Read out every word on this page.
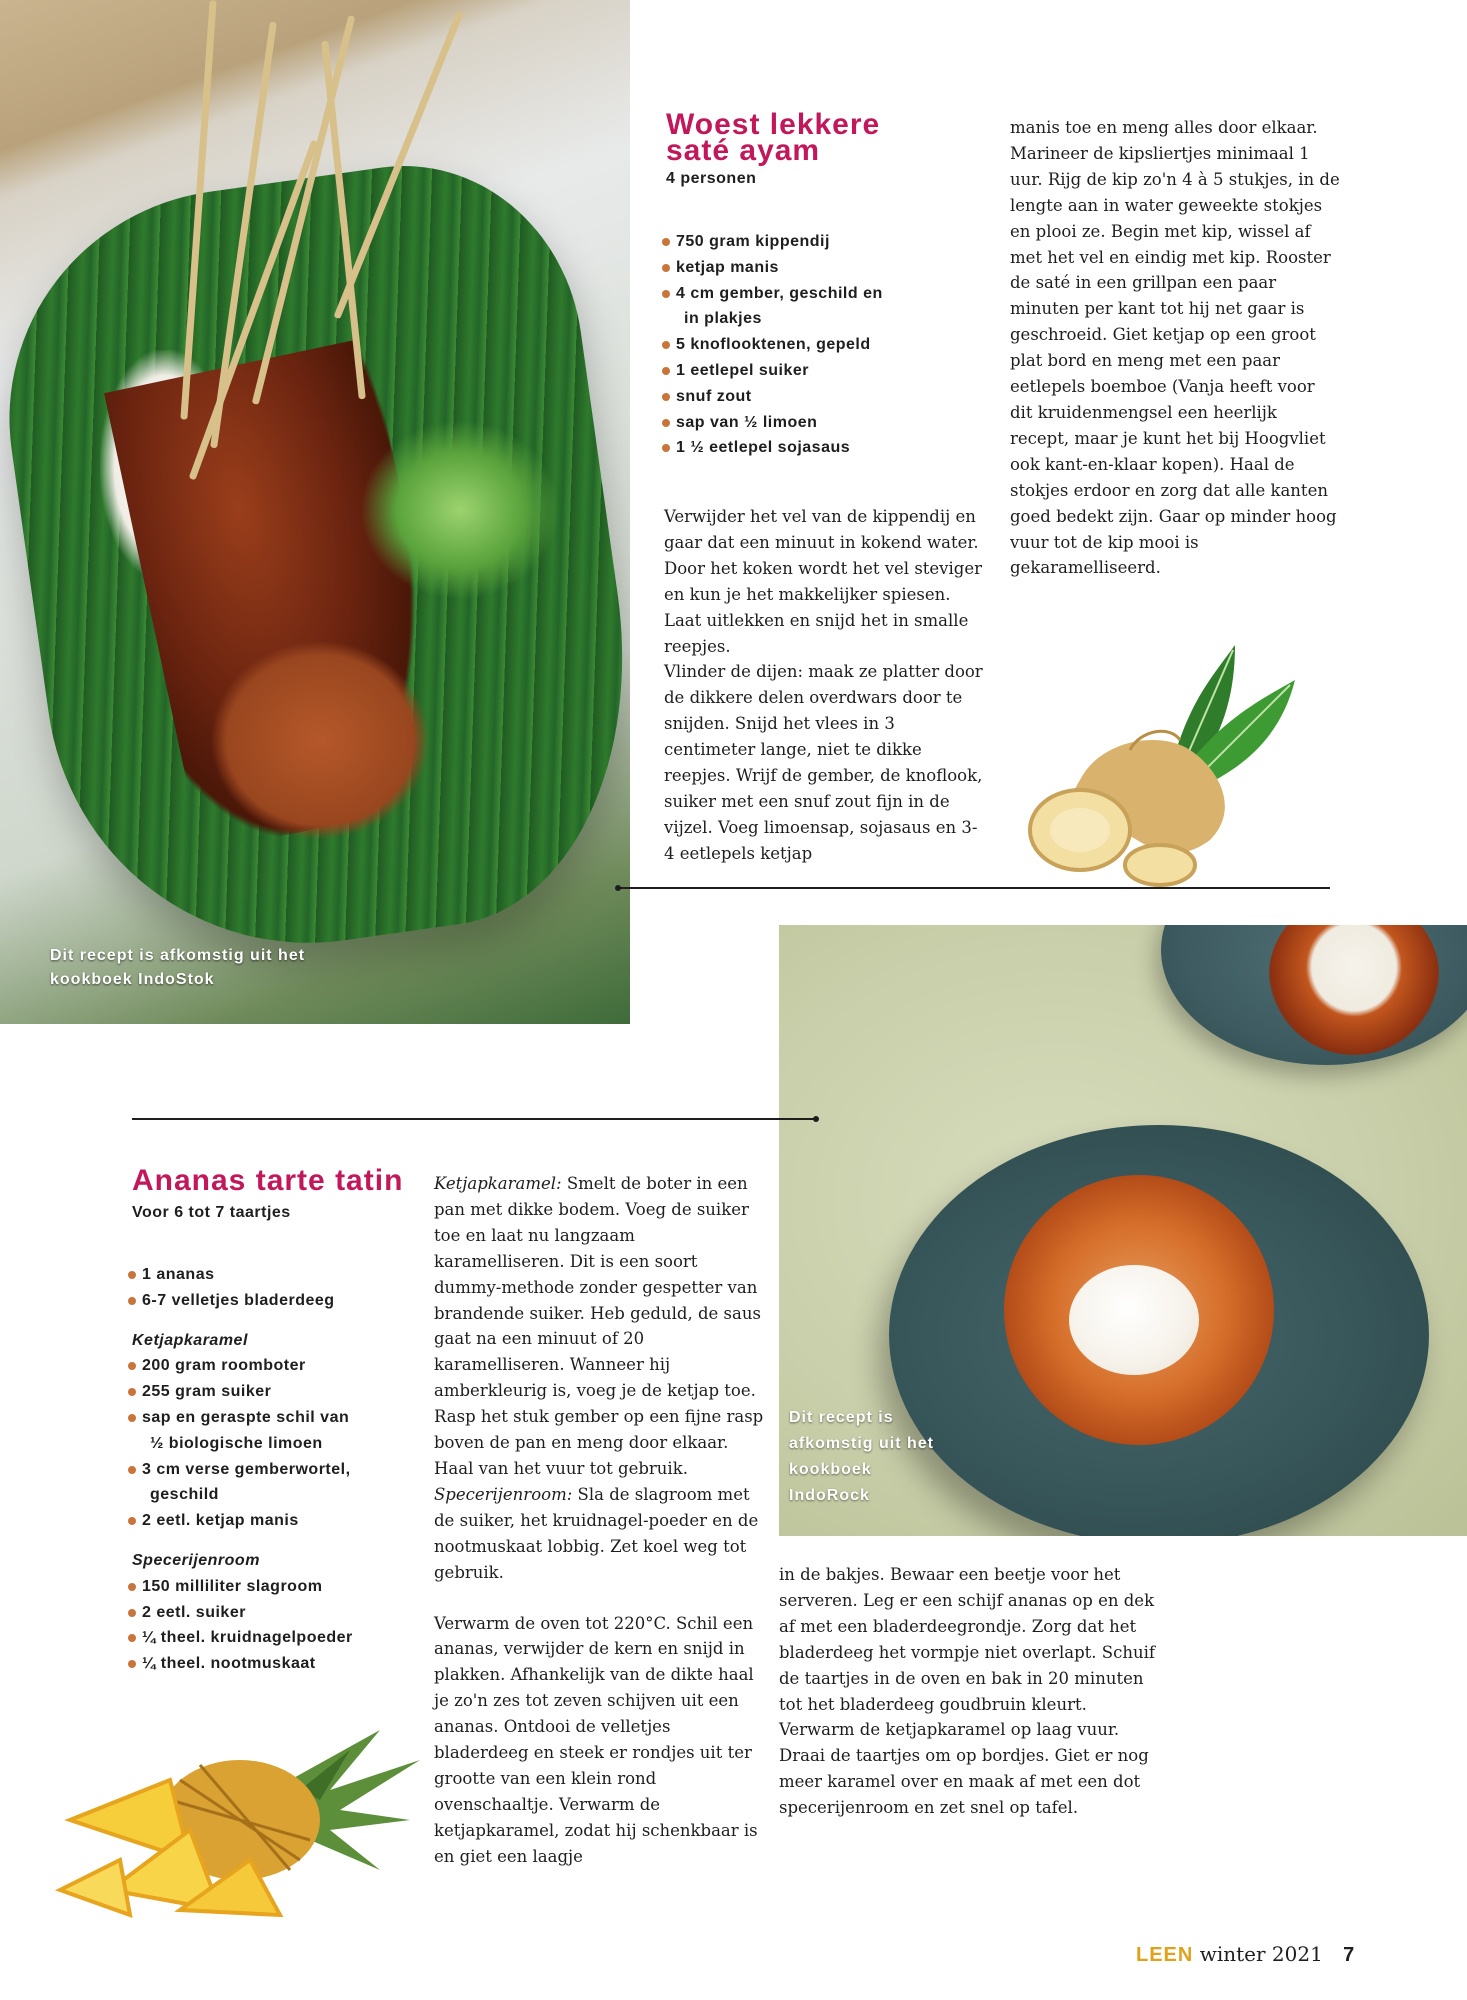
Dit recept is afkomstig uit het kookboek IndoStok
Woest lekkere
saté ayam
4 personen
750 gram kippendij
ketjap manis
4 cm gember, geschild en
in plakjes
5 knoflooktenen, gepeld
1 eetlepel suiker
snuf zout
sap van ½ limoen
1 ½ eetlepel sojasaus

Verwijder het vel van de kippendij en gaar dat een minuut in kokend water. Door het koken wordt het vel steviger en kun je het makkelijker spiesen. Laat uitlekken en snijd het in smalle reepjes.

Vlinder de dijen: maak ze platter door de dikkere delen overdwars door te snijden. Snijd het vlees in 3 centimeter lange, niet te dikke reepjes. Wrijf de gember, de knoflook, suiker met een snuf zout fijn in de vijzel. Voeg limoensap, sojasaus en 3-4 eetlepels ketjap

manis toe en meng alles door elkaar. Marineer de kipsliertjes minimaal 1 uur. Rijg de kip zo'n 4 à 5 stukjes, in de lengte aan in water geweekte stokjes en plooi ze. Begin met kip, wissel af met het vel en eindig met kip. Rooster de saté in een grillpan een paar minuten per kant tot hij net gaar is geschroeid. Giet ketjap op een groot plat bord en meng met een paar eetlepels boemboe (Vanja heeft voor dit kruidenmengsel een heerlijk recept, maar je kunt het bij Hoogvliet ook kant-en-klaar kopen). Haal de stokjes erdoor en zorg dat alle kanten goed bedekt zijn. Gaar op minder hoog vuur tot de kip mooi is gekaramelliseerd.

Dit recept is afkomstig uit het kookboek IndoRock
Ananas tarte tatin
Voor 6 tot 7 taartjes
1 ananas
6-7 velletjes bladerdeeg
Ketjapkaramel
200 gram roomboter
255 gram suiker
sap en geraspte schil van
½ biologische limoen
3 cm verse gemberwortel,
geschild
2 eetl. ketjap manis
Specerijenroom
150 milliliter slagroom
2 eetl. suiker
¼ theel. kruidnagelpoeder
¼ theel. nootmuskaat

Ketjapkaramel: Smelt de boter in een pan met dikke bodem. Voeg de suiker toe en laat nu langzaam karamelliseren. Dit is een soort dummy-methode zonder gespetter van brandende suiker. Heb geduld, de saus gaat na een minuut of 20 karamelliseren. Wanneer hij amberkleurig is, voeg je de ketjap toe. Rasp het stuk gember op een fijne rasp boven de pan en meng door elkaar. Haal van het vuur tot gebruik.

Specerijenroom: Sla de slagroom met de suiker, het kruidnagel-poeder en de nootmuskaat lobbig. Zet koel weg tot gebruik.

Verwarm de oven tot 220°C. Schil een ananas, verwijder de kern en snijd in plakken. Afhankelijk van de dikte haal je zo'n zes tot zeven schijven uit een ananas. Ontdooi de velletjes bladerdeeg en steek er rondjes uit ter grootte van een klein rond ovenschaaltje. Verwarm de ketjapkaramel, zodat hij schenkbaar is en giet een laagje

in de bakjes. Bewaar een beetje voor het serveren. Leg er een schijf ananas op en dek af met een bladerdeegrondje. Zorg dat het bladerdeeg het vormpje niet overlapt. Schuif de taartjes in de oven en bak in 20 minuten tot het bladerdeeg goudbruin kleurt. Verwarm de ketjapkaramel op laag vuur. Draai de taartjes om op bordjes. Giet er nog meer karamel over en maak af met een dot specerijenroom en zet snel op tafel.

LEEN winter 2021 7
